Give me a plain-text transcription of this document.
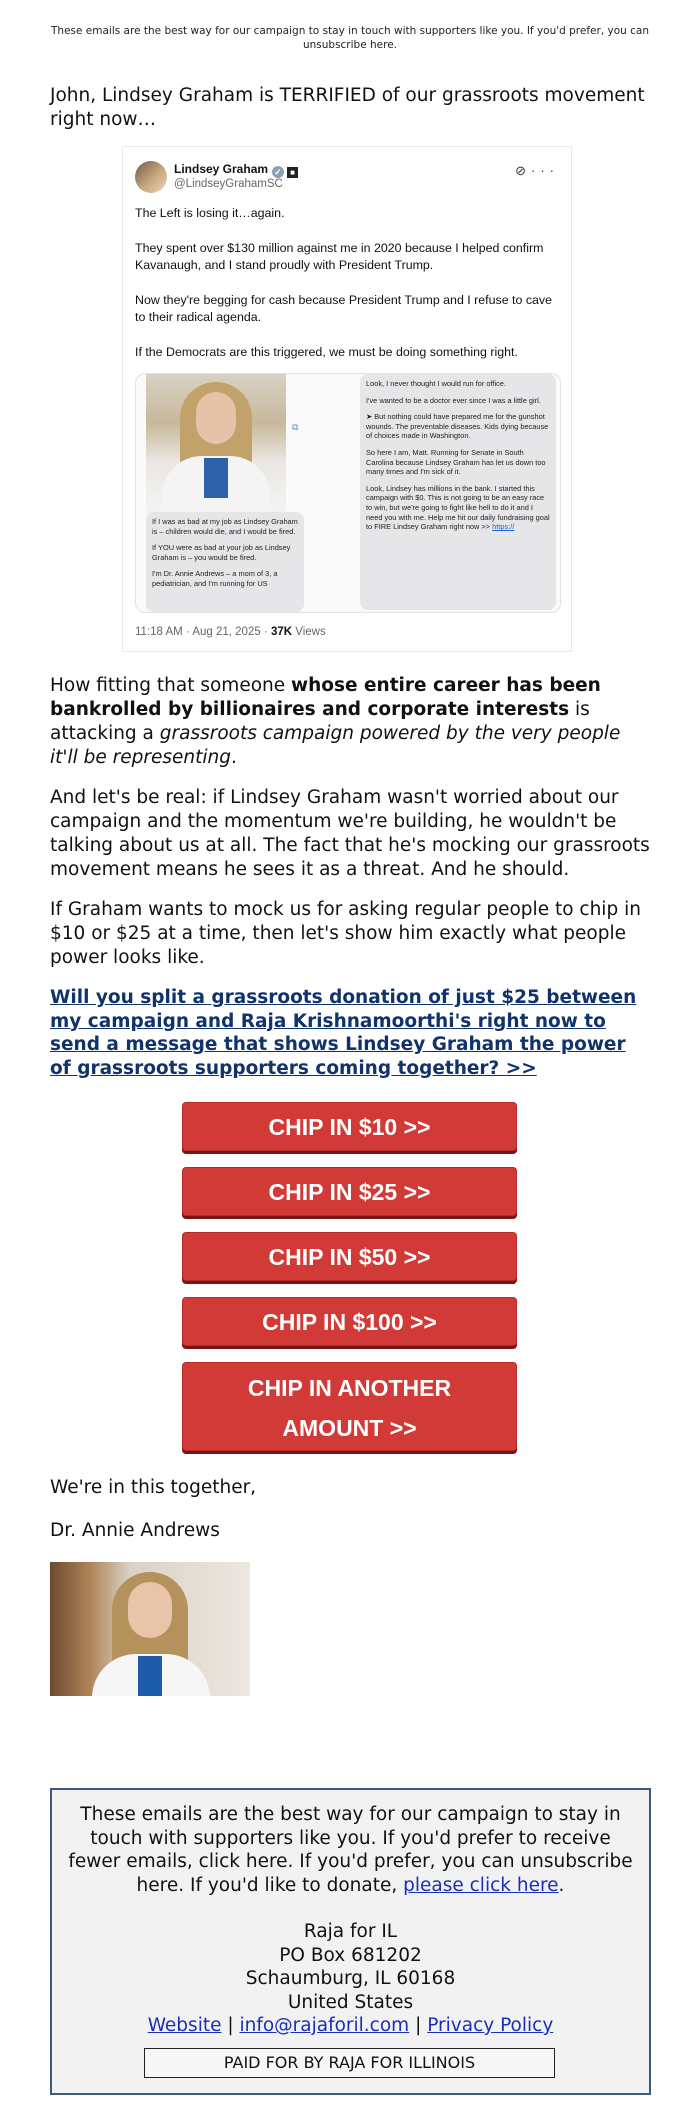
These emails are the best way for our campaign to stay in touch with supporters like you. If you'd prefer, you can unsubscribe here.
John, Lindsey Graham is TERRIFIED of our grassroots movement right now…
Lindsey Graham ✓ ■
@LindseyGrahamSC
⊘···

The Left is losing it…again.

They spent over $130 million against me in 2020 because I helped confirm Kavanaugh, and I stand proudly with President Trump.

Now they're begging for cash because President Trump and I refuse to cave to their radical agenda.

If the Democrats are this triggered, we must be doing something right.

⧉

If I was as bad at my job as Lindsey Graham is – children would die, and I would be fired.

If YOU were as bad at your job as Lindsey Graham is – you would be fired.

I'm Dr. Annie Andrews – a mom of 3, a pediatrician, and I'm running for US

Look, I never thought I would run for office.

I've wanted to be a doctor ever since I was a little girl.

➤ But nothing could have prepared me for the gunshot wounds. The preventable diseases. Kids dying because of choices made in Washington.

So here I am, Matt. Running for Senate in South Carolina because Lindsey Graham has let us down too many times and I'm sick of it.

Look, Lindsey has millions in the bank. I started this campaign with $0. This is not going to be an easy race to win, but we're going to fight like hell to do it and I need you with me. Help me hit our daily fundraising goal to FIRE Lindsey Graham right now >> https://

11:18 AM · Aug 21, 2025 · 37K Views
How fitting that someone whose entire career has been bankrolled by billionaires and corporate interests is attacking a grassroots campaign powered by the very people it'll be representing.
And let's be real: if Lindsey Graham wasn't worried about our campaign and the momentum we're building, he wouldn't be talking about us at all. The fact that he's mocking our grassroots movement means he sees it as a threat. And he should.
If Graham wants to mock us for asking regular people to chip in $10 or $25 at a time, then let's show him exactly what people power looks like.
Will you split a grassroots donation of just $25 between my campaign and Raja Krishnamoorthi's right now to send a message that shows Lindsey Graham the power of grassroots supporters coming together? >>
CHIP IN $10 >>
CHIP IN $25 >>
CHIP IN $50 >>
CHIP IN $100 >>
CHIP IN ANOTHER
AMOUNT >>
We're in this together,
Dr. Annie Andrews
These emails are the best way for our campaign to stay in touch with supporters like you. If you'd prefer to receive fewer emails, click here. If you'd prefer, you can unsubscribe here. If you'd like to donate, please click here.
Raja for IL
PO Box 681202
Schaumburg, IL 60168
United States
Website | info@rajaforil.com | Privacy Policy
PAID FOR BY RAJA FOR ILLINOIS
